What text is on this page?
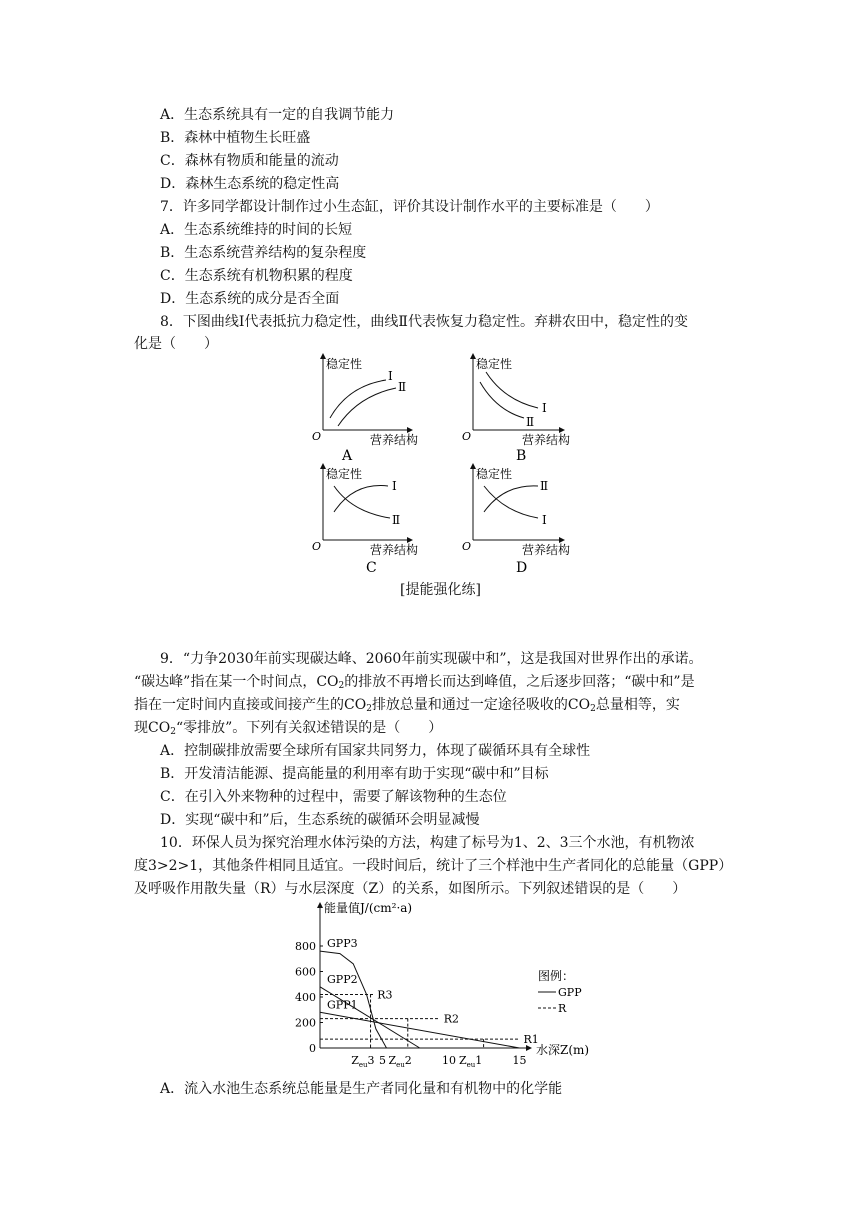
A．生态系统具有一定的自我调节能力
B．森林中植物生长旺盛
C．森林有物质和能量的流动
D．森林生态系统的稳定性高
7．许多同学都设计制作过小生态缸，评价其设计制作水平的主要标准是（　　）
A．生态系统维持的时间的长短
B．生态系统营养结构的复杂程度
C．生态系统有机物积累的程度
D．生态系统的成分是否全面
8．下图曲线Ⅰ代表抵抗力稳定性，曲线Ⅱ代表恢复力稳定性。弃耕农田中，稳定性的变
化是（　　）
稳定性
O	营养结构
Ⅰ
Ⅱ
稳定性
O	营养结构
Ⅰ
Ⅱ
稳定性
O	营养结构
Ⅰ
Ⅱ
稳定性
O	营养结构
Ⅱ
Ⅰ
A	B
C	D
[提能强化练]
9．“力争2030年前实现碳达峰、2060年前实现碳中和”，这是我国对世界作出的承诺。
“碳达峰”指在某一个时间点，$CO_2$的排放不再增长而达到峰值，之后逐步回落；“碳中和”是
指在一定时间内直接或间接产生的$CO_2$排放总量和通过一定途径吸收的$CO_2$总量相等，实
现$CO_2“$零排放”。下列有关叙述错误的是（　　）
A．控制碳排放需要全球所有国家共同努力，体现了碳循环具有全球性
B．开发清洁能源、提高能量的利用率有助于实现“碳中和”目标
C．在引入外来物种的过程中，需要了解该物种的生态位
D．实现“碳中和”后，生态系统的碳循环会明显减慢
10．环保人员为探究治理水体污染的方法，构建了标号为1、2、3三个水池，有机物浓
度3>2>1，其他条件相同且适宜。一段时间后，统计了三个样池中生产者同化的总能量（GPP）
及呼吸作用散失量（R）与水层深度（Z）的关系，如图所示。下列叙述错误的是（　　）
能量值J/(cm²·a)
水深Z(m)
0
200
400
600
800
5	10	15
GPP3
GPP2
GPP1
R3
R2
R1
$Z_{eu}3$ $Z_{eu}2$	$Z_{eu}1$
图例：
GPP
R
A．流入水池生态系统总能量是生产者同化量和有机物中的化学能
